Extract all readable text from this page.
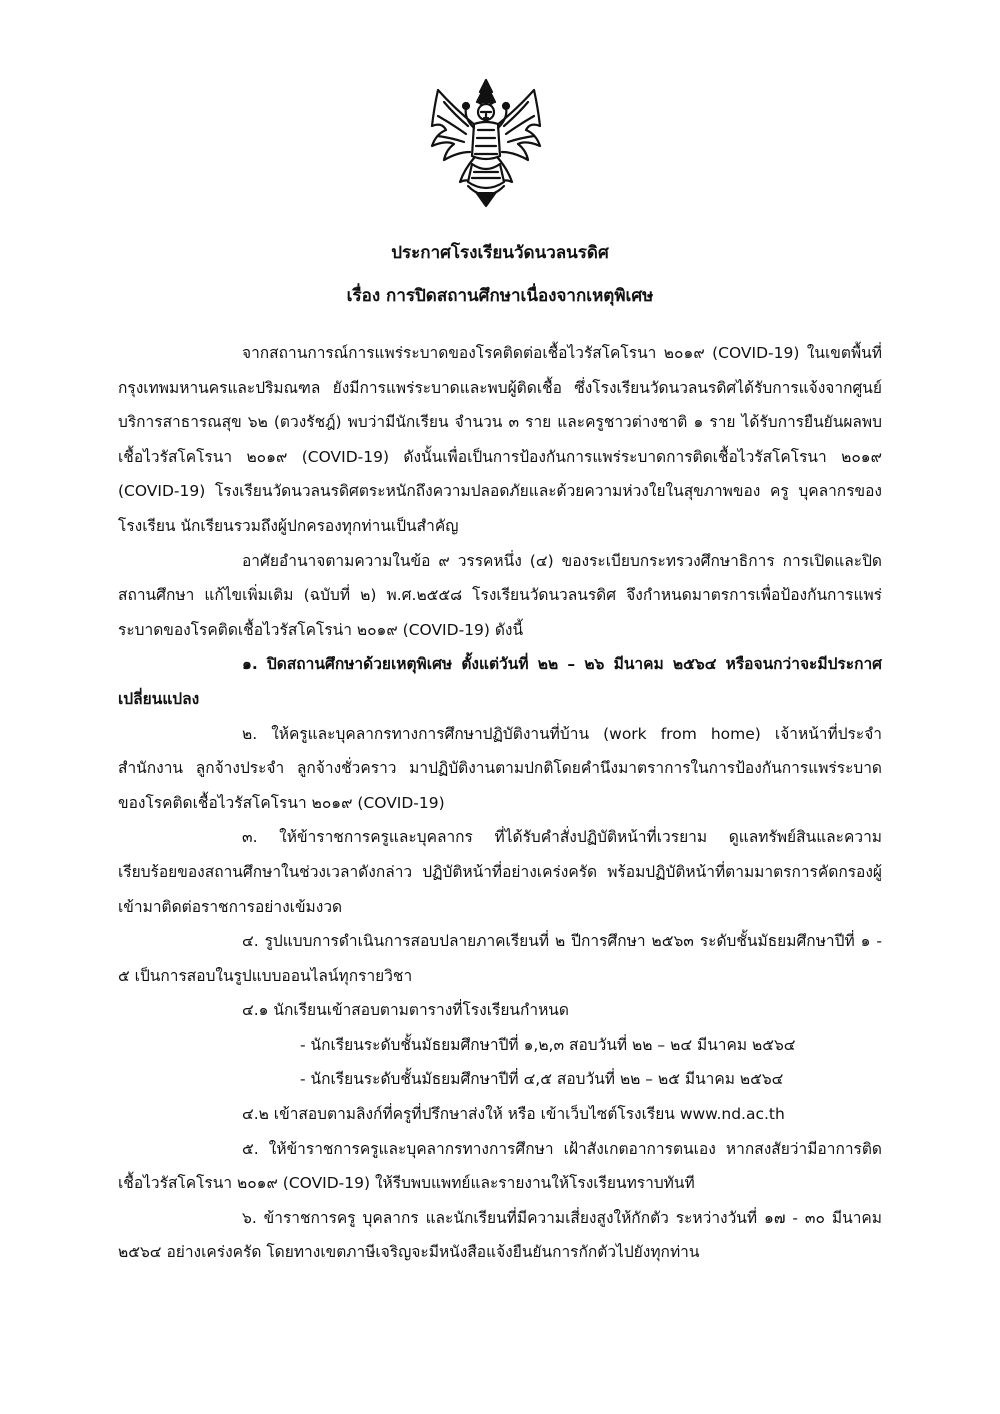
ประกาศโรงเรียนวัดนวลนรดิศ
เรื่อง การปิดสถานศึกษาเนื่องจากเหตุพิเศษ

จากสถานการณ์การแพร่ระบาดของโรคติดต่อเชื้อไวรัสโคโรนา ๒๐๑๙ (COVID-19) ในเขตพื้นที่กรุงเทพมหานครและปริมณฑล ยังมีการแพร่ระบาดและพบผู้ติดเชื้อ ซึ่งโรงเรียนวัดนวลนรดิศได้รับการแจ้งจากศูนย์บริการสาธารณสุข ๖๒ (ตวงรัชฎ์) พบว่ามีนักเรียน จำนวน ๓ ราย และครูชาวต่างชาติ ๑ ราย ได้รับการยืนยันผลพบเชื้อไวรัสโคโรนา ๒๐๑๙ (COVID-19) ดังนั้นเพื่อเป็นการป้องกันการแพร่ระบาดการติดเชื้อไวรัสโคโรนา ๒๐๑๙ (COVID-19) โรงเรียนวัดนวลนรดิศตระหนักถึงความปลอดภัยและด้วยความห่วงใยในสุขภาพของ ครู บุคลากรของโรงเรียน นักเรียนรวมถึงผู้ปกครองทุกท่านเป็นสำคัญ

อาศัยอำนาจตามความในข้อ ๙ วรรคหนึ่ง (๔) ของระเบียบกระทรวงศึกษาธิการ การเปิดและปิดสถานศึกษา แก้ไขเพิ่มเติม (ฉบับที่ ๒) พ.ศ.๒๕๕๘ โรงเรียนวัดนวลนรดิศ จึงกำหนดมาตรการเพื่อป้องกันการแพร่ระบาดของโรคติดเชื้อไวรัสโคโรน่า ๒๐๑๙ (COVID-19) ดังนี้

๑. ปิดสถานศึกษาด้วยเหตุพิเศษ ตั้งแต่วันที่ ๒๒ – ๒๖ มีนาคม ๒๕๖๔ หรือจนกว่าจะมีประกาศเปลี่ยนแปลง

๒. ให้ครูและบุคลากรทางการศึกษาปฏิบัติงานที่บ้าน (work from home) เจ้าหน้าที่ประจำสำนักงาน ลูกจ้างประจำ ลูกจ้างชั่วคราว มาปฏิบัติงานตามปกติโดยคำนึงมาตราการในการป้องกันการแพร่ระบาดของโรคติดเชื้อไวรัสโคโรนา ๒๐๑๙ (COVID-19)

๓. ให้ข้าราชการครูและบุคลากร ที่ได้รับคำสั่งปฏิบัติหน้าที่เวรยาม ดูแลทรัพย์สินและความเรียบร้อยของสถานศึกษาในช่วงเวลาดังกล่าว ปฏิบัติหน้าที่อย่างเคร่งครัด พร้อมปฏิบัติหน้าที่ตามมาตรการคัดกรองผู้เข้ามาติดต่อราชการอย่างเข้มงวด

๔. รูปแบบการดำเนินการสอบปลายภาคเรียนที่ ๒ ปีการศึกษา ๒๕๖๓ ระดับชั้นมัธยมศึกษาปีที่ ๑ - ๕ เป็นการสอบในรูปแบบออนไลน์ทุกรายวิชา

๔.๑ นักเรียนเข้าสอบตามตารางที่โรงเรียนกำหนด

- นักเรียนระดับชั้นมัธยมศึกษาปีที่ ๑,๒,๓ สอบวันที่ ๒๒ – ๒๔ มีนาคม ๒๕๖๔

- นักเรียนระดับชั้นมัธยมศึกษาปีที่ ๔,๕ สอบวันที่ ๒๒ – ๒๕ มีนาคม ๒๕๖๔

๔.๒ เข้าสอบตามลิงก์ที่ครูที่ปรึกษาส่งให้ หรือ เข้าเว็บไซต์โรงเรียน www.nd.ac.th

๕. ให้ข้าราชการครูและบุคลากรทางการศึกษา เฝ้าสังเกตอาการตนเอง หากสงสัยว่ามีอาการติดเชื้อไวรัสโคโรนา ๒๐๑๙ (COVID-19) ให้รีบพบแพทย์และรายงานให้โรงเรียนทราบทันที

๖. ข้าราชการครู บุคลากร และนักเรียนที่มีความเสี่ยงสูงให้กักตัว ระหว่างวันที่ ๑๗ - ๓๐ มีนาคม ๒๕๖๔ อย่างเคร่งครัด โดยทางเขตภาษีเจริญจะมีหนังสือแจ้งยืนยันการกักตัวไปยังทุกท่าน
